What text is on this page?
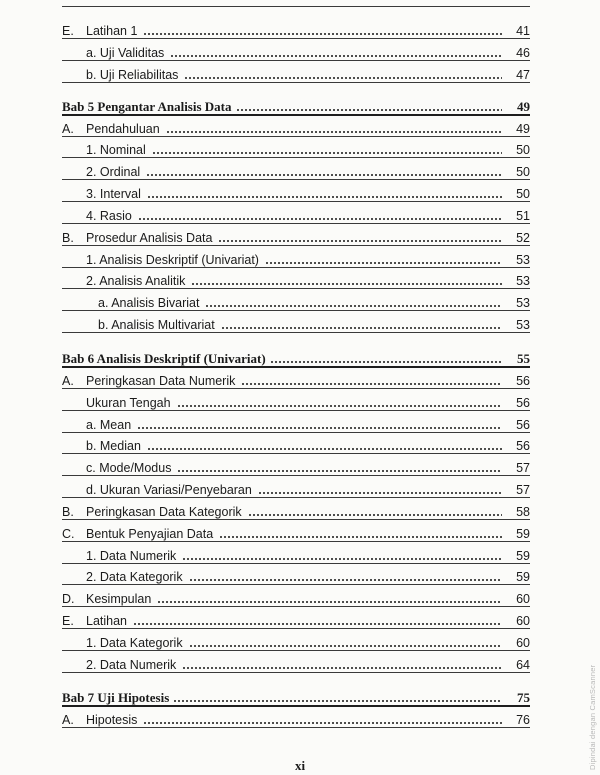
E. Latihan 1	41
a. Uji Validitas	46
b. Uji Reliabilitas	47
Bab 5 Pengantar Analisis Data	49
A. Pendahuluan	49
1. Nominal	50
2. Ordinal	50
3. Interval	50
4. Rasio	51
B. Prosedur Analisis Data	52
1. Analisis Deskriptif (Univariat)	53
2. Analisis Analitik	53
a. Analisis Bivariat	53
b. Analisis Multivariat	53
Bab 6 Analisis Deskriptif (Univariat)	55
A. Peringkasan Data Numerik	56
Ukuran Tengah	56
a. Mean	56
b. Median	56
c. Mode/Modus	57
d. Ukuran Variasi/Penyebaran	57
B. Peringkasan Data Kategorik	58
C. Bentuk Penyajian Data	59
1. Data Numerik	59
2. Data Kategorik	59
D. Kesimpulan	60
E. Latihan	60
1. Data Kategorik	60
2. Data Numerik	64
Bab 7 Uji Hipotesis	75
A. Hipotesis	76
xi	Dipindai dengan CamScanner
